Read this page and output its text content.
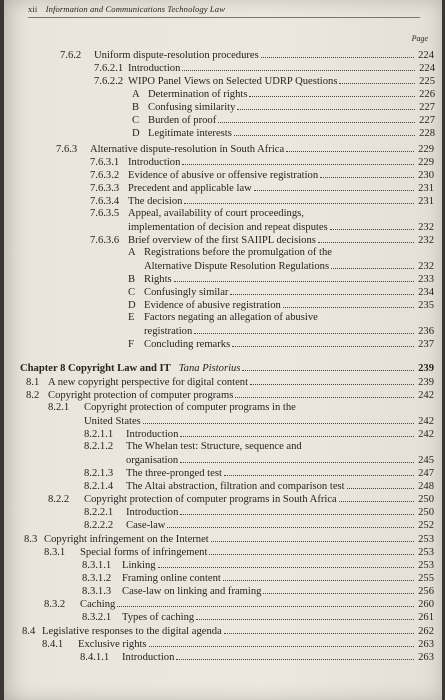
xii Information and Communications Technology Law
Page
7.6.2	Uniform dispute-resolution procedures	224
7.6.2.1 Introduction	224
7.6.2.2 WIPO Panel Views on Selected UDRP Questions	225
A Determination of rights	226
B Confusing similarity	227
C Burden of proof	227
D Legitimate interests	228
7.6.3	Alternative dispute-resolution in South Africa	229
7.6.3.1 Introduction	229
7.6.3.2 Evidence of abusive or offensive registration	230
7.6.3.3 Precedent and applicable law	231
7.6.3.4 The decision	231
7.6.3.5 Appeal, availability of court proceedings,
implementation of decision and repeat disputes	232
7.6.3.6 Brief overview of the first SAIIPL decisions	232
A Registrations before the promulgation of the
Alternative Dispute Resolution Regulations	232
B Rights	233
C Confusingly similar	234
D Evidence of abusive registration	235
E Factors negating an allegation of abusive
registration	236
F Concluding remarks	237
Chapter 8 Copyright Law and IT Tana Pistorius	239
8.1 A new copyright perspective for digital content	239
8.2 Copyright protection of computer programs	242
8.2.1	Copyright protection of computer programs in the
United States	242
8.2.1.1	Introduction	242
8.2.1.2	The Whelan test: Structure, sequence and
organisation	245
8.2.1.3	The three-pronged test	247
8.2.1.4	The Altai abstraction, filtration and comparison test	248
8.2.2	Copyright protection of computer programs in South Africa	250
8.2.2.1	Introduction	250
8.2.2.2	Case-law	252
8.3 Copyright infringement on the Internet	253
8.3.1	Special forms of infringement	253
8.3.1.1	Linking	253
8.3.1.2	Framing online content	255
8.3.1.3	Case-law on linking and framing	256
8.3.2	Caching	260
8.3.2.1	Types of caching	261
8.4 Legislative responses to the digital agenda	262
8.4.1	Exclusive rights	263
8.4.1.1	Introduction	263
